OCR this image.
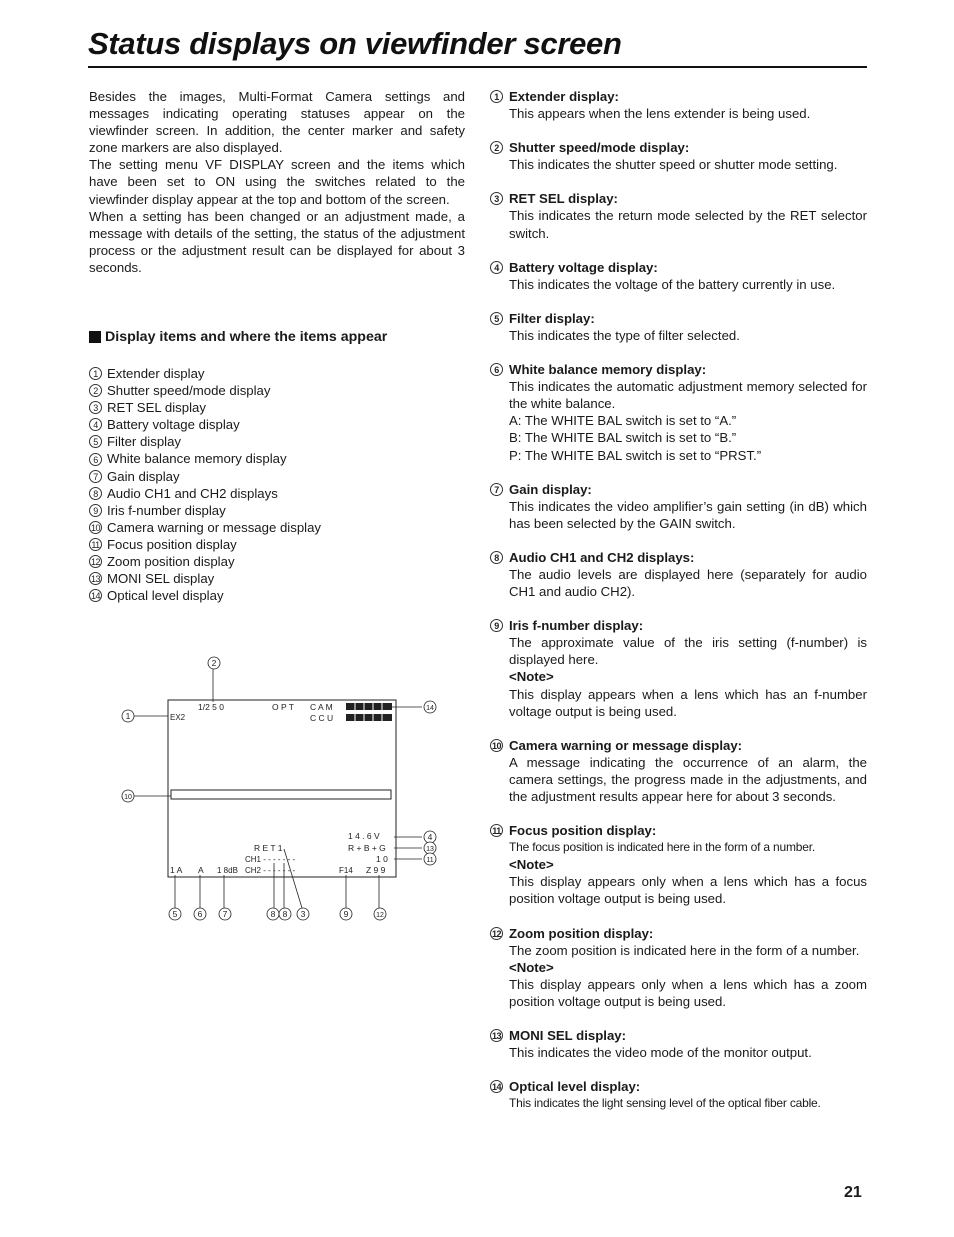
Status displays on viewfinder screen

Besides the images, Multi-Format Camera settings and messages indicating operating statuses appear on the viewfinder screen. In addition, the center marker and safety zone markers are also displayed.

The setting menu VF DISPLAY screen and the items which have been set to ON using the switches related to the viewfinder display appear at the top and bottom of the screen.

When a setting has been changed or an adjustment made, a message with details of the setting, the status of the adjustment process or the adjustment result can be displayed for about 3 seconds.

Display items and where the items appear
1 Extender display
2 Shutter speed/mode display
3 RET SEL display
4 Battery voltage display
5 Filter display
6 White balance memory display
7 Gain display
8 Audio CH1 and CH2 displays
9 Iris f-number display
10 Camera warning or message display
11 Focus position display
12 Zoom position display
13 MONI SEL display
14 Optical level display
1/2 5 0	O P T C A M
EX2	C C U
1 4 . 6 V
R + B + G
R E T 1
CH1 - - - - - - -	1 0
1 A A 1 8dB CH2 - - - - - - -	F14 Z 9 9
2
1
14
10
4
13
11
5 6 7	8 8 3	9	12
1 Extender display:

This appears when the lens extender is being used.

2 Shutter speed/mode display:

This indicates the shutter speed or shutter mode setting.

3 RET SEL display:

This indicates the return mode selected by the RET selector switch.

4 Battery voltage display:

This indicates the voltage of the battery currently in use.

5 Filter display:

This indicates the type of filter selected.

6 White balance memory display:

This indicates the automatic adjustment memory selected for the white balance.

A: The WHITE BAL switch is set to “A.”

B: The WHITE BAL switch is set to “B.”

P: The WHITE BAL switch is set to “PRST.”

7 Gain display:

This indicates the video amplifier’s gain setting (in dB) which has been selected by the GAIN switch.

8 Audio CH1 and CH2 displays:

The audio levels are displayed here (separately for audio CH1 and audio CH2).

9 Iris f-number display:

The approximate value of the iris setting (f-number) is displayed here.

<Note>

This display appears when a lens which has an f-number voltage output is being used.

10 Camera warning or message display:

A message indicating the occurrence of an alarm, the camera settings, the progress made in the adjustments, and the adjustment results appear here for about 3 seconds.

11 Focus position display:

The focus position is indicated here in the form of a number.

<Note>

This display appears only when a lens which has a focus position voltage output is being used.

12 Zoom position display:

The zoom position is indicated here in the form of a number.

<Note>

This display appears only when a lens which has a zoom position voltage output is being used.

13 MONI SEL display:

This indicates the video mode of the monitor output.

14 Optical level display:

This indicates the light sensing level of the optical fiber cable.

21
